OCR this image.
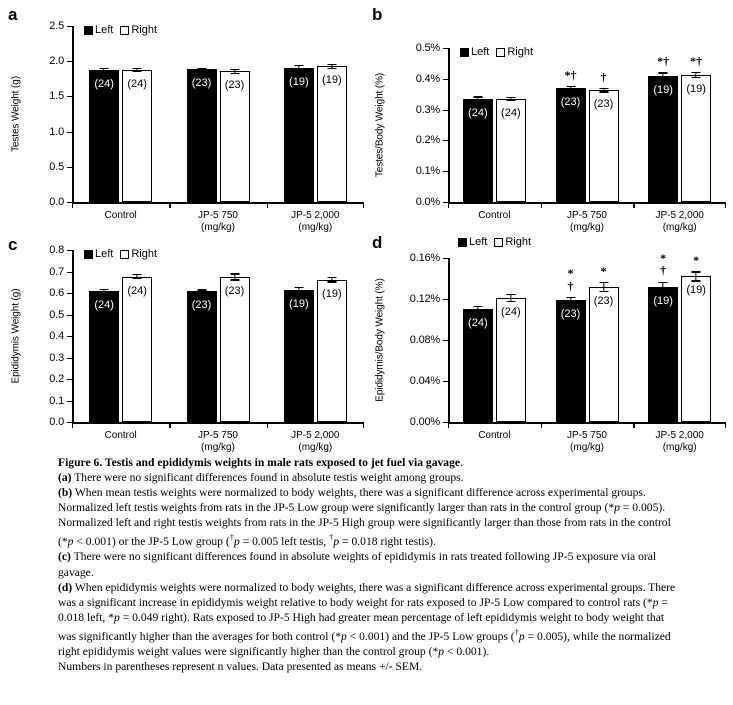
a
Testes Weight (g)
0.0
0.5
1.0
1.5
2.0
2.5	Left Right
(24) (24)
Control
(23) (23)
JP-5 750
(mg/kg)
(19) (19)
JP-5 2,000
(mg/kg)
b
Testes/Body Weight (%)
0.0%
0.1%
0.2%
0.3%
0.4%
0.5%	Left Right
(24) (24)
Control
(23)
*†
(23)
†
JP-5 750
(mg/kg)
(19)
*†
(19)
*†
JP-5 2,000
(mg/kg)
c
Epididymis Weight (g)
0.0
0.1
0.2
0.3
0.4
0.5
0.6
0.7
0.8	Left Right
(24)
(24)
Control
(23)
(23)
JP-5 750
(mg/kg)
(19)
(19)
JP-5 2,000
(mg/kg)
d
Epididymis/Body Weight (%)
0.00%
0.04%
0.08%
0.12%
0.16%
Left Right
(24)
(24)
Control
(23)
*
†
(23)
*
JP-5 750
(mg/kg)
(19)
*
†
(19)
*
JP-5 2,000
(mg/kg)

Figure 6. Testis and epididymis weights in male rats exposed to jet fuel via gavage.

(a) There were no significant differences found in absolute testis weight among groups.

(b) When mean testis weights were normalized to body weights, there was a significant difference across experimental groups. Normalized left testis weights from rats in the JP-5 Low group were significantly larger than rats in the control group (*p = 0.005). Normalized left and right testis weights from rats in the JP-5 High group were significantly larger than those from rats in the control (*p < 0.001) or the JP-5 Low group (†p = 0.005 left testis, †p = 0.018 right testis).

(c) There were no significant differences found in absolute weights of epididymis in rats treated following JP-5 exposure via oral gavage.

(d) When epididymis weights were normalized to body weights, there was a significant difference across experimental groups. There was a significant increase in epididymis weight relative to body weight for rats exposed to JP-5 Low compared to control rats (*p = 0.018 left, *p = 0.049 right). Rats exposed to JP-5 High had greater mean percentage of left epididymis weight to body weight that was significantly higher than the averages for both control (*p < 0.001) and the JP-5 Low groups (†p = 0.005), while the normalized right epididymis weight values were significantly higher than the control group (*p < 0.001).

Numbers in parentheses represent n values. Data presented as means +/- SEM.
